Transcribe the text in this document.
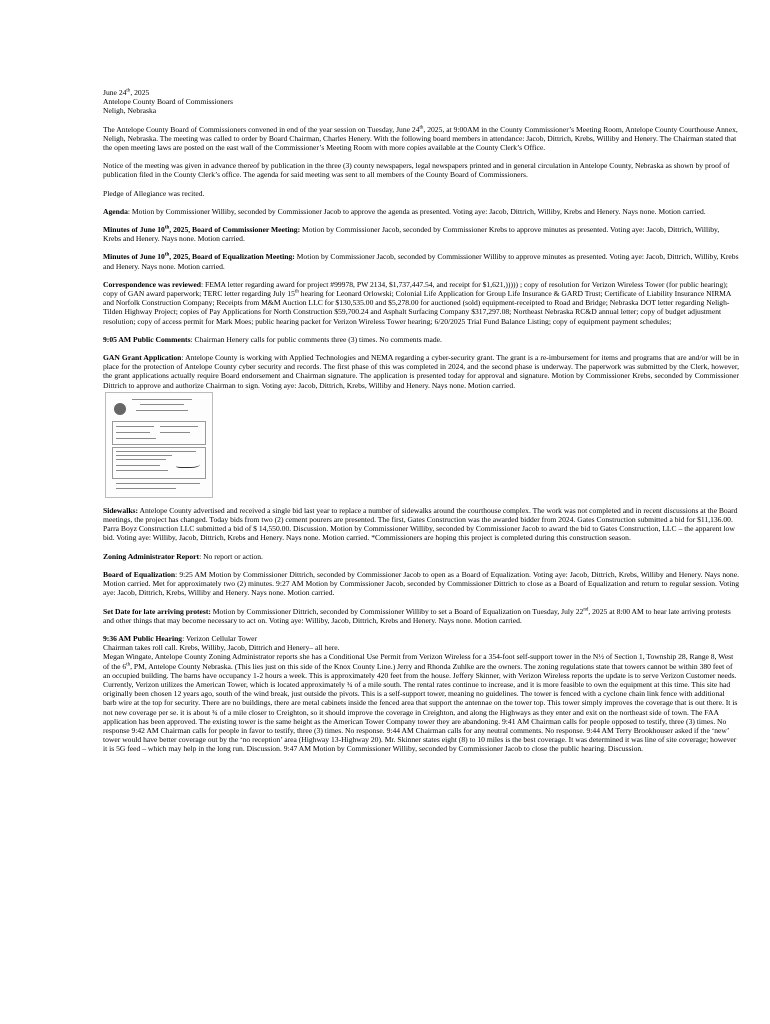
June 24th, 2025

Antelope County Board of Commissioners

Neligh, Nebraska

The Antelope County Board of Commissioners convened in end of the year session on Tuesday, June 24th, 2025, at 9:00AM in the County Commissioner’s Meeting Room, Antelope County Courthouse Annex, Neligh, Nebraska. The meeting was called to order by Board Chairman, Charles Henery. With the following board members in attendance: Jacob, Dittrich, Krebs, Williby and Henery. The Chairman stated that the open meeting laws are posted on the east wall of the Commissioner’s Meeting Room with more copies available at the County Clerk’s Office.

Notice of the meeting was given in advance thereof by publication in the three (3) county newspapers, legal newspapers printed and in general circulation in Antelope County, Nebraska as shown by proof of publication filed in the County Clerk’s office. The agenda for said meeting was sent to all members of the County Board of Commissioners.

Pledge of Allegiance was recited.

Agenda: Motion by Commissioner Williby, seconded by Commissioner Jacob to approve the agenda as presented. Voting aye: Jacob, Dittrich, Williby, Krebs and Henery. Nays none. Motion carried.

Minutes of June 10th, 2025, Board of Commissioner Meeting: Motion by Commissioner Jacob, seconded by Commissioner Krebs to approve minutes as presented. Voting aye: Jacob, Dittrich, Williby, Krebs and Henery. Nays none. Motion carried.

Minutes of June 10th, 2025, Board of Equalization Meeting: Motion by Commissioner Jacob, seconded by Commissioner Williby to approve minutes as presented. Voting aye: Jacob, Dittrich, Williby, Krebs and Henery. Nays none. Motion carried.

Correspondence was reviewed: FEMA letter regarding award for project #99978, PW 2134, $1,737,447.54, and receipt for $1,621,))))) ; copy of resolution for Verizon Wireless Tower (for public hearing); copy of GAN award paperwork; TERC letter regarding July 15th hearing for Leonard Orlowski; Colonial Life Application for Group Life Insurance & GARD Trust; Certificate of Liability Insurance NIRMA and Norfolk Construction Company; Receipts from M&M Auction LLC for $130,535.00 and $5,278.00 for auctioned (sold) equipment-receipted to Road and Bridge; Nebraska DOT letter regarding Neligh-Tilden Highway Project; copies of Pay Applications for North Construction $59,700.24 and Asphalt Surfacing Company $317,297.08; Northeast Nebraska RC&D annual letter; copy of budget adjustment resolution; copy of access permit for Mark Moes; public hearing packet for Verizon Wireless Tower hearing; 6/20/2025 Trial Fund Balance Listing; copy of equipment payment schedules;

9:05 AM Public Comments: Chairman Henery calls for public comments three (3) times. No comments made.

GAN Grant Application: Antelope County is working with Applied Technologies and NEMA regarding a cyber-security grant. The grant is a re-imbursement for items and programs that are and/or will be in place for the protection of Antelope County cyber security and records. The first phase of this was completed in 2024, and the second phase is underway. The paperwork was submitted by the Clerk, however, the grant applications actually require Board endorsement and Chairman signature. The application is presented today for approval and signature. Motion by Commissioner Krebs, seconded by Commissioner Dittrich to approve and authorize Chairman to sign. Voting aye: Jacob, Dittrich, Krebs, Williby and Henery. Nays none. Motion carried.

Sidewalks: Antelope County advertised and received a single bid last year to replace a number of sidewalks around the courthouse complex. The work was not completed and in recent discussions at the Board meetings, the project has changed. Today bids from two (2) cement pourers are presented. The first, Gates Construction was the awarded bidder from 2024. Gates Construction submitted a bid for $11,136.00. Parra Boyz Construction LLC submitted a bid of $ 14,550.00. Discussion. Motion by Commissioner Williby, seconded by Commissioner Jacob to award the bid to Gates Construction, LLC – the apparent low bid. Voting aye: Williby, Jacob, Dittrich, Krebs and Henery. Nays none. Motion carried. *Commissioners are hoping this project is completed during this construction season.

Zoning Administrator Report: No report or action.

Board of Equalization: 9:25 AM Motion by Commissioner Dittrich, seconded by Commissioner Jacob to open as a Board of Equalization. Voting aye: Jacob, Dittrich, Krebs, Williby and Henery. Nays none. Motion carried. Met for approximately two (2) minutes. 9:27 AM Motion by Commissioner Jacob, seconded by Commissioner Dittrich to close as a Board of Equalization and return to regular session. Voting aye: Jacob, Dittrich, Krebs, Williby and Henery. Nays none. Motion carried.

Set Date for late arriving protest: Motion by Commissioner Dittrich, seconded by Commissioner Williby to set a Board of Equalization on Tuesday, July 22nd, 2025 at 8:00 AM to hear late arriving protests and other things that may become necessary to act on. Voting aye: Williby, Jacob, Dittrich, Krebs and Henery. Nays none. Motion carried.

9:36 AM Public Hearing: Verizon Cellular Tower

Chairman takes roll call. Krebs, Williby, Jacob, Dittrich and Henery– all here.

Megan Wingate, Antelope County Zoning Administrator reports she has a Conditional Use Permit from Verizon Wireless for a 354-foot self-support tower in the N½ of Section 1, Township 28, Range 8, West of the 6th, PM, Antelope County Nebraska. (This lies just on this side of the Knox County Line.) Jerry and Rhonda Zuhlke are the owners. The zoning regulations state that towers cannot be within 380 feet of an occupied building. The barns have occupancy 1-2 hours a week. This is approximately 420 feet from the house. Jeffery Skinner, with Verizon Wireless reports the update is to serve Verizon Customer needs. Currently, Verizon utilizes the American Tower, which is located approximately ¾ of a mile south. The rental rates continue to increase, and it is more feasible to own the equipment at this time. This site had originally been chosen 12 years ago, south of the wind break, just outside the pivots. This is a self-support tower, meaning no guidelines. The tower is fenced with a cyclone chain link fence with additional barb wire at the top for security. There are no buildings, there are metal cabinets inside the fenced area that support the antennae on the tower top. This tower simply improves the coverage that is out there. It is not new coverage per se. it is about ¾ of a mile closer to Creighton, so it should improve the coverage in Creighton, and along the Highways as they enter and exit on the northeast side of town. The FAA application has been approved. The existing tower is the same height as the American Tower Company tower they are abandoning. 9:41 AM Chairman calls for people opposed to testify, three (3) times. No response 9:42 AM Chairman calls for people in favor to testify, three (3) times. No response. 9:44 AM Chairman calls for any neutral comments. No response. 9:44 AM Terry Brookhouser asked if the ‘new’ tower would have better coverage out by the ‘no reception’ area (Highway 13-Highway 20). Mr. Skinner states eight (8) to 10 miles is the best coverage. It was determined it was line of site coverage; however it is 5G feed – which may help in the long run. Discussion. 9:47 AM Motion by Commissioner Williby, seconded by Commissioner Jacob to close the public hearing. Discussion.
